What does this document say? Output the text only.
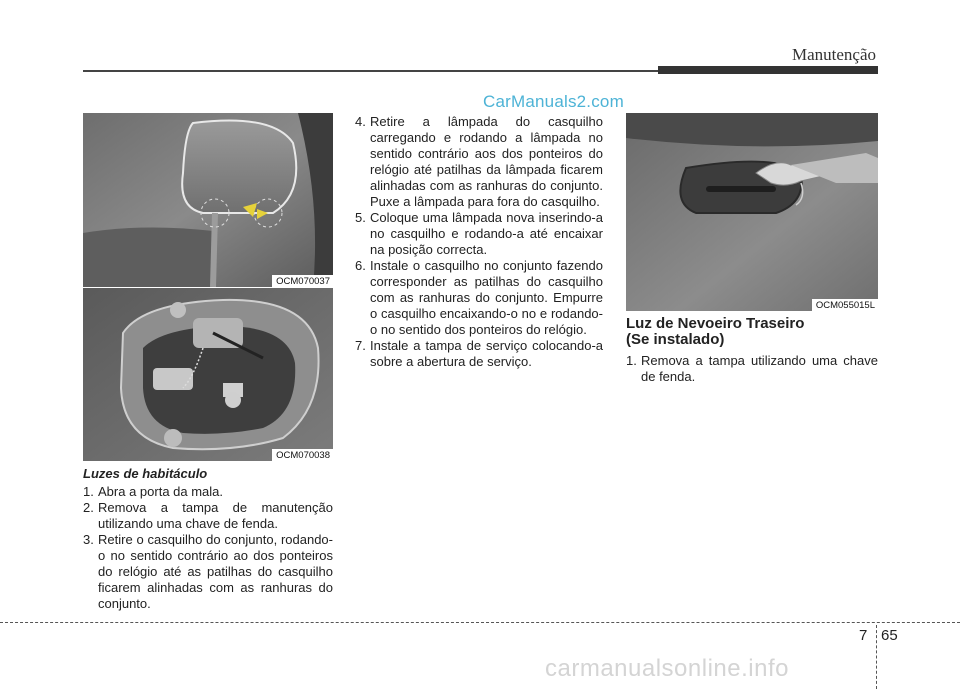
Manutenção
CarManuals2.com
OCM070037
OCM070038
OCM055015L
Luzes de habitáculo
1. Abra a porta da mala.
2. Remova a tampa de manutenção utilizando uma chave de fenda.
3. Retire o casquilho do conjunto, rodando-o no sentido contrário ao dos ponteiros do relógio até as patilhas do casquilho ficarem alinhadas com as ranhuras do conjunto.
4. Retire a lâmpada do casquilho carregando e rodando a lâmpada no sentido contrário aos dos ponteiros do relógio até patilhas da lâmpada ficarem alinhadas com as ranhuras do conjunto. Puxe a lâmpada para fora do casquilho.
5. Coloque uma lâmpada nova inserindo-a no casquilho e rodando-a até encaixar na posição correcta.
6. Instale o casquilho no conjunto fazendo corresponder as patilhas do casquilho com as ranhuras do conjunto. Empurre o casquilho encaixando-o no e rodando-o no sentido dos ponteiros do relógio.
7. Instale a tampa de serviço colocando-a sobre a abertura de serviço.
Luz de Nevoeiro Traseiro
(Se instalado)
1. Remova a tampa utilizando uma chave de fenda.
7 65
carmanualsonline.info
